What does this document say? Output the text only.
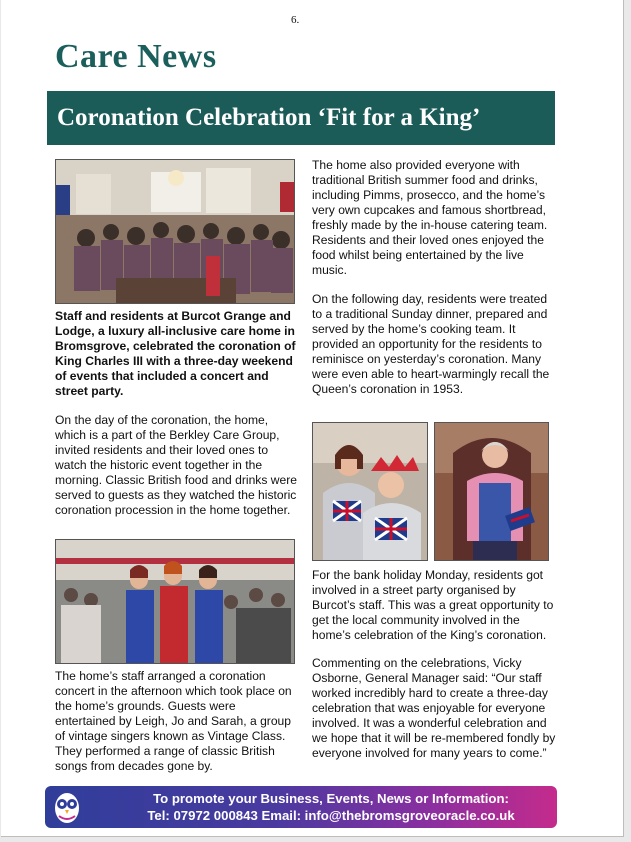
6.
Care News
Coronation Celebration ‘Fit for a King’
Staff and residents at Burcot Grange and Lodge, a luxury all-inclusive care home in Bromsgrove, celebrated the coronation of King Charles III with a three-day weekend of events that included a concert and street party.
On the day of the coronation, the home, which is a part of the Berkley Care Group, invited residents and their loved ones to watch the historic event together in the morning. Classic British food and drinks were served to guests as they watched the historic coronation procession in the home together.
The home’s staff arranged a coronation concert in the afternoon which took place on the home’s grounds. Guests were entertained by Leigh, Jo and Sarah, a group of vintage singers known as Vintage Class. They performed a range of classic British songs from decades gone by.
The home also provided everyone with traditional British summer food and drinks, including Pimms, prosecco, and the home’s very own cupcakes and famous shortbread, freshly made by the in-house catering team. Residents and their loved ones enjoyed the food whilst being entertained by the live music.
On the following day, residents were treated to a traditional Sunday dinner, prepared and served by the home’s cooking team. It provided an opportunity for the residents to reminisce on yesterday’s coronation. Many were even able to heart-warmingly recall the Queen’s coronation in 1953.
For the bank holiday Monday, residents got involved in a street party organised by Burcot’s staff. This was a great opportunity to get the local community involved in the home’s celebration of the King’s coronation.
Commenting on the celebrations, Vicky Osborne, General Manager said: “Our staff worked incredibly hard to create a three-day celebration that was enjoyable for everyone involved. It was a wonderful celebration and we hope that it will be re-membered fondly by everyone involved for many years to come.”
To promote your Business, Events, News or Information:
Tel: 07972 000843 Email: info@thebromsgroveoracle.co.uk
